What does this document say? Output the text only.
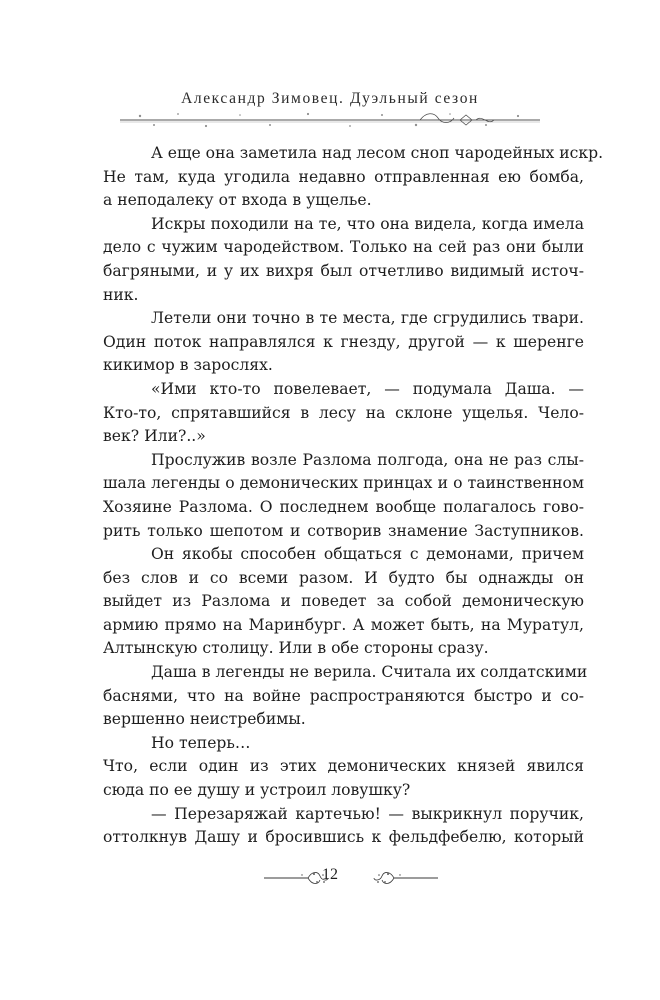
Александр Зимовец. Дуэльный сезон
А еще она заметила над лесом сноп чародейных искр.
Не там, куда угодила недавно отправленная ею бомба,
а неподалеку от входа в ущелье.
Искры походили на те, что она видела, когда имела
дело с чужим чародейством. Только на сей раз они были
багряными, и у их вихря был отчетливо видимый источ-
ник.
Летели они точно в те места, где сгрудились твари.
Один поток направлялся к гнезду, другой — к шеренге
кикимор в зарослях.
«Ими кто-то повелевает, — подумала Даша. —
Кто-то, спрятавшийся в лесу на склоне ущелья. Чело-
век? Или?..»
Прослужив возле Разлома полгода, она не раз слы-
шала легенды о демонических принцах и о таинственном
Хозяине Разлома. О последнем вообще полагалось гово-
рить только шепотом и сотворив знамение Заступников.
Он якобы способен общаться с демонами, причем
без слов и со всеми разом. И будто бы однажды он
выйдет из Разлома и поведет за собой демоническую
армию прямо на Маринбург. А может быть, на Муратул,
Алтынскую столицу. Или в обе стороны сразу.
Даша в легенды не верила. Считала их солдатскими
баснями, что на войне распространяются быстро и со-
вершенно неистребимы.
Но теперь…
Что, если один из этих демонических князей явился
сюда по ее душу и устроил ловушку?
— Перезаряжай картечью! — выкрикнул поручик,
оттолкнув Дашу и бросившись к фельдфебелю, который
12
